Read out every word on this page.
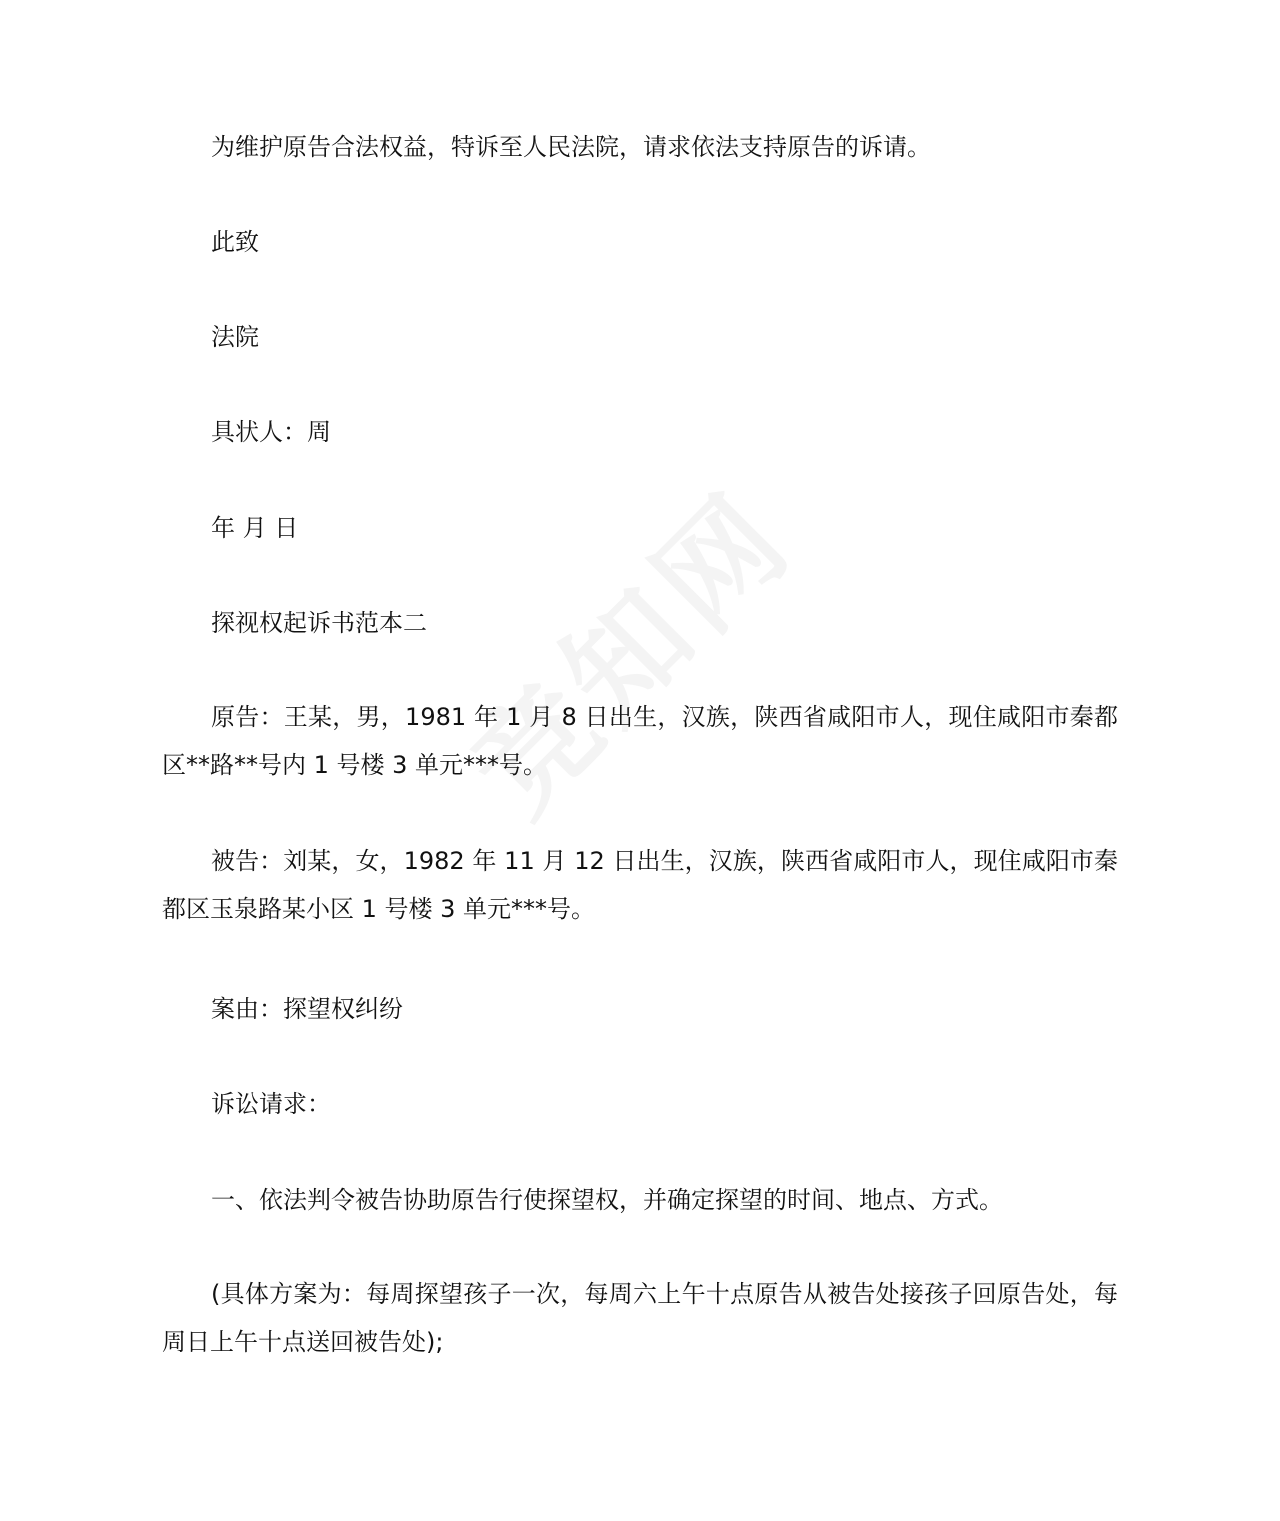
为维护原告合法权益，特诉至人民法院，请求依法支持原告的诉请。

此致

法院

具状人：周

年 月 日

探视权起诉书范本二

原告：王某，男，1981 年 1 月 8 日出生，汉族，陕西省咸阳市人，现住咸阳市秦都区**路**号内 1 号楼 3 单元***号。

被告：刘某，女，1982 年 11 月 12 日出生，汉族，陕西省咸阳市人，现住咸阳市秦都区玉泉路某小区 1 号楼 3 单元***号。

案由：探望权纠纷

诉讼请求：

一、依法判令被告协助原告行使探望权，并确定探望的时间、地点、方式。

(具体方案为：每周探望孩子一次，每周六上午十点原告从被告处接孩子回原告处，每周日上午十点送回被告处);
